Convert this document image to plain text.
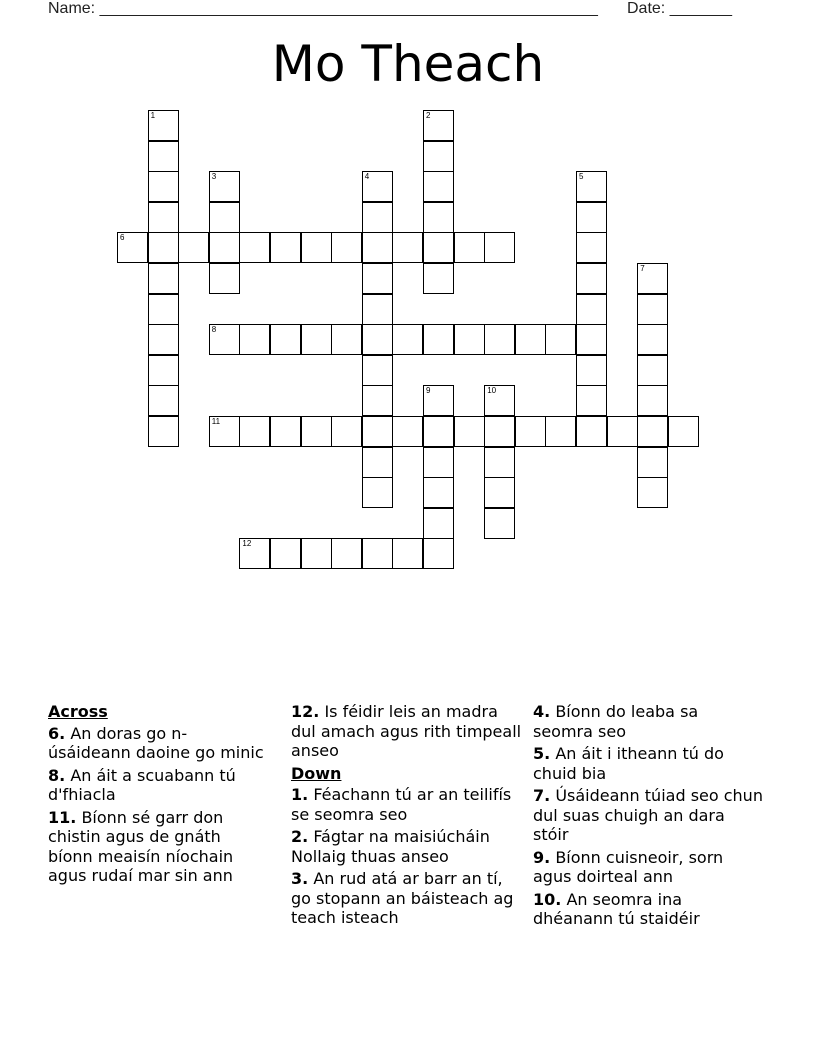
Name: ________________________________________________________ Date: _______
Mo Theach
1	2
3	4	5
6
7
8
9	10
11
12
Across
6. An doras go n-úsáideann daoine go minic
8. An áit a scuabann tú d'fhiacla
11. Bíonn sé garr don chistin agus de gnáth bíonn meaisín níochain agus rudaí mar sin ann
12. Is féidir leis an madra dul amach agus rith timpeall anseo
Down
1. Féachann tú ar an teilifís se seomra seo
2. Fágtar na maisiúcháin Nollaig thuas anseo
3. An rud atá ar barr an tí, go stopann an báisteach ag teach isteach
4. Bíonn do leaba sa seomra seo
5. An áit i itheann tú do chuid bia
7. Úsáideann túiad seo chun dul suas chuigh an dara stóir
9. Bíonn cuisneoir, sorn agus doirteal ann
10. An seomra ina dhéanann tú staidéir
